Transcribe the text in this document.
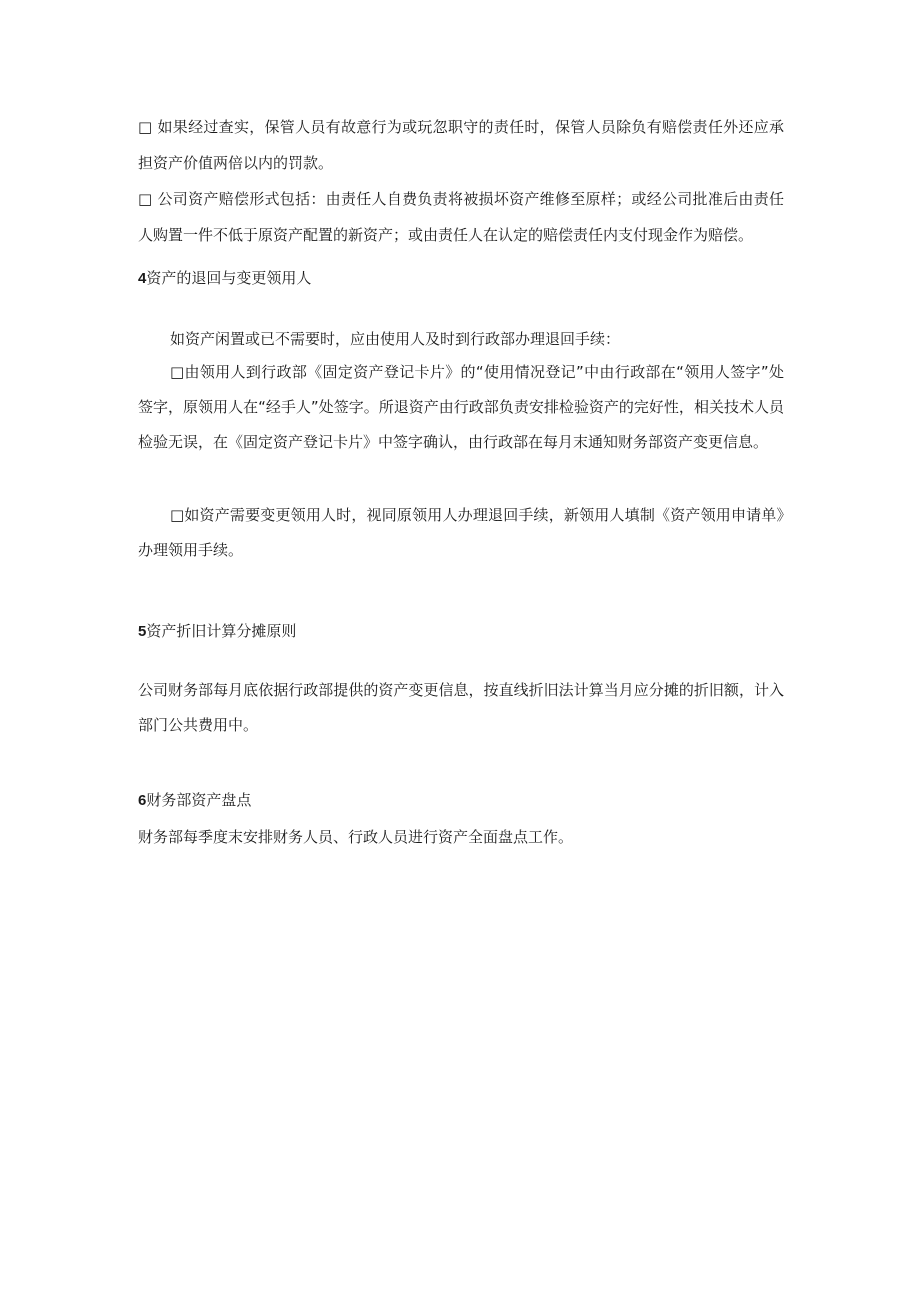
□ 如果经过查实，保管人员有故意行为或玩忽职守的责任时，保管人员除负有赔偿责任外还应承担资产价值两倍以内的罚款。

□ 公司资产赔偿形式包括：由责任人自费负责将被损坏资产维修至原样；或经公司批准后由责任人购置一件不低于原资产配置的新资产；或由责任人在认定的赔偿责任内支付现金作为赔偿。

4资产的退回与变更领用人

如资产闲置或已不需要时，应由使用人及时到行政部办理退回手续：

□由领用人到行政部《固定资产登记卡片》的“使用情况登记”中由行政部在“领用人签字”处签字，原领用人在“经手人”处签字。所退资产由行政部负责安排检验资产的完好性，相关技术人员检验无误，在《固定资产登记卡片》中签字确认，由行政部在每月末通知财务部资产变更信息。

□如资产需要变更领用人时，视同原领用人办理退回手续，新领用人填制《资产领用申请单》办理领用手续。

5资产折旧计算分摊原则

公司财务部每月底依据行政部提供的资产变更信息，按直线折旧法计算当月应分摊的折旧额，计入部门公共费用中。

6财务部资产盘点

财务部每季度末安排财务人员、行政人员进行资产全面盘点工作。
